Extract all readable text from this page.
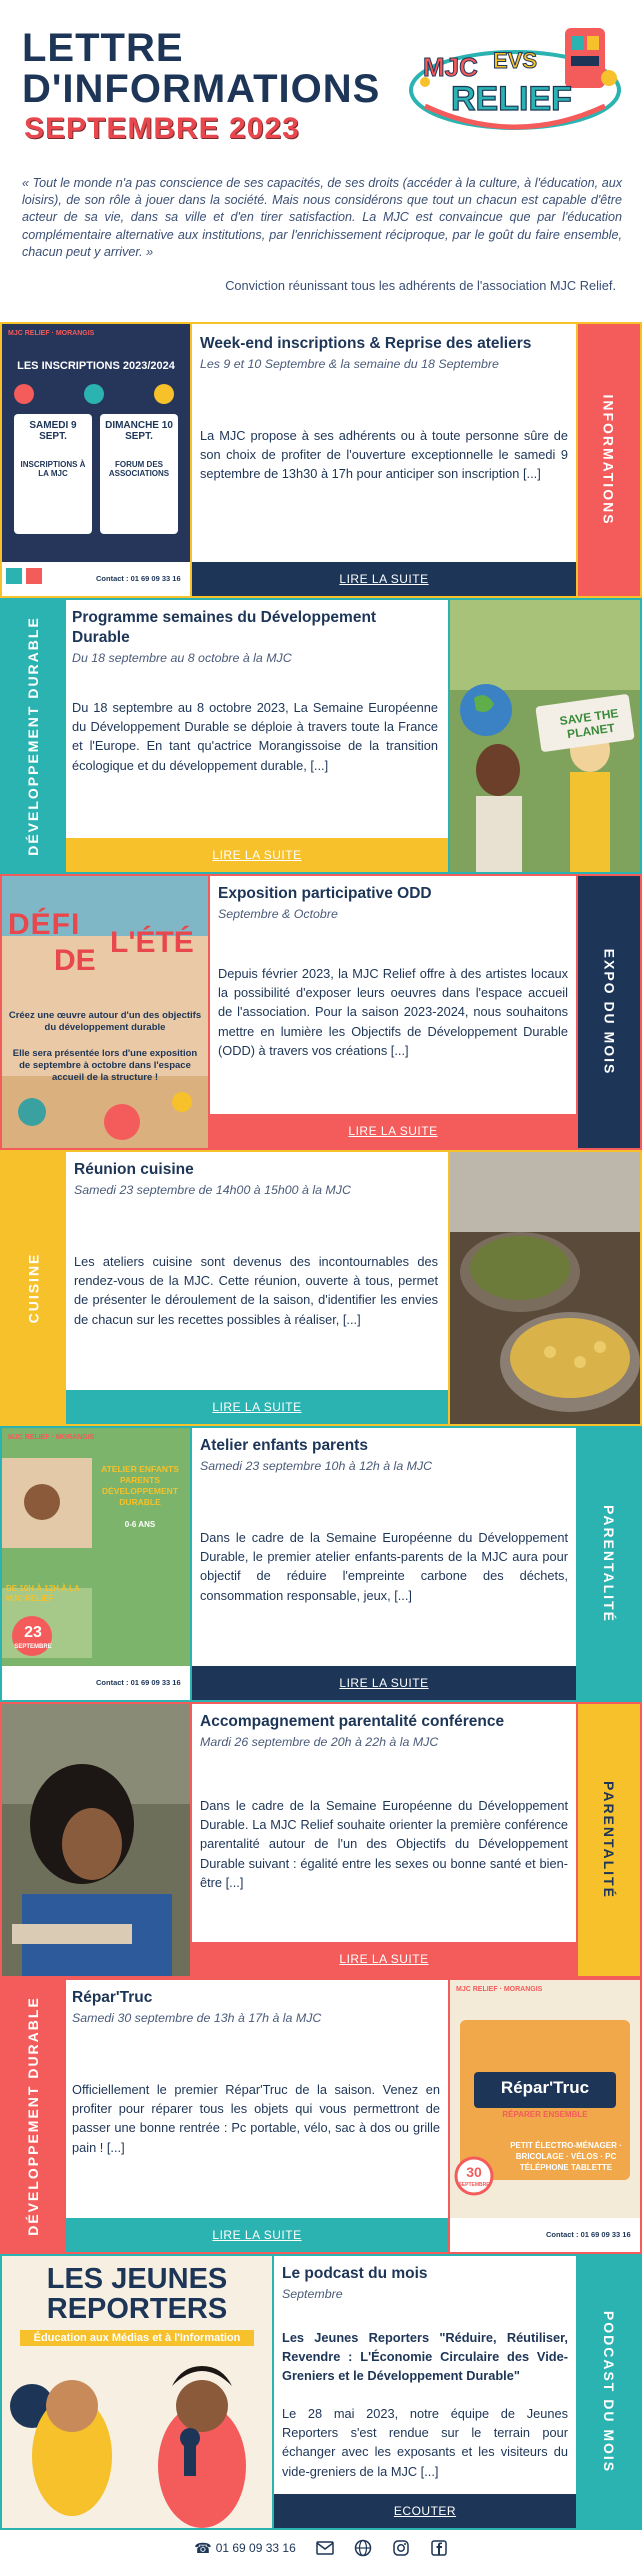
LETTRE
D'INFORMATIONS
SEPTEMBRE 2023
MJC EVS
RELIEF

« Tout le monde n'a pas conscience de ses capacités, de ses droits (accéder à la culture, à l'éducation, aux loisirs), de son rôle à jouer dans la société. Mais nous considérons que tout un chacun est capable d'être acteur de sa vie, dans sa ville et d'en tirer satisfaction. La MJC est convaincue que par l'éducation complémentaire alternative aux institutions, par l'enrichissement réciproque, par le goût du faire ensemble, chacun peut y arriver. »

Conviction réunissant tous les adhérents de l'association MJC Relief.

MJC RELIEF · MORANGIS
LES INSCRIPTIONS 2023/2024
SAMEDI 9 SEPT.
DIMANCHE 10 SEPT.
INSCRIPTIONS À LA MJC
FORUM DES ASSOCIATIONS
Contact : 01 69 09 33 16
Week-end inscriptions & Reprise des ateliers
Les 9 et 10 Septembre & la semaine du 18 Septembre
La MJC propose à ses adhérents ou à toute personne sûre de son choix de profiter de l'ouverture exceptionnelle le samedi 9 septembre de 13h30 à 17h pour anticiper son inscription [...]
LIRE LA SUITE
INFORMATIONS
DÉVELOPPEMENT DURABLE Programme semaines du Développement Durable
Du 18 septembre au 8 octobre à la MJC
Du 18 septembre au 8 octobre 2023, La Semaine Européenne du Développement Durable se déploie à travers toute la France et l'Europe. En tant qu'actrice Morangissoise de la transition écologique et du développement durable, [...]
LIRE LA SUITE
SAVE THE PLANET
DÉFI
DE
L'ÉTÉ
Créez une œuvre autour d'un des objectifs du développement durable
Elle sera présentée lors d'une exposition de septembre à octobre dans l'espace accueil de la structure !
Exposition participative ODD
Septembre & Octobre
Depuis février 2023, la MJC Relief offre à des artistes locaux la possibilité d'exposer leurs oeuvres dans l'espace accueil de l'association. Pour la saison 2023-2024, nous souhaitons mettre en lumière les Objectifs de Développement Durable (ODD) à travers vos créations [...]
LIRE LA SUITE
EXPO DU MOIS
CUISINE
Réunion cuisine
Samedi 23 septembre de 14h00 à 15h00 à la MJC
Les ateliers cuisine sont devenus des incontournables des rendez-vous de la MJC. Cette réunion, ouverte à tous, permet de présenter le déroulement de la saison, d'identifier les envies de chacun sur les recettes possibles à réaliser, [...]
LIRE LA SUITE
MJC RELIEF · MORANGIS
ATELIER ENFANTS PARENTS DÉVELOPPEMENT DURABLE
0-6 ANS
DE 10H À 12H À LA MJC RELIEF
23
SEPTEMBRE
Contact : 01 69 09 33 16
Atelier enfants parents
Samedi 23 septembre 10h à 12h à la MJC
Dans le cadre de la Semaine Européenne du Développement Durable, le premier atelier enfants-parents de la MJC aura pour objectif de réduire l'empreinte carbone des déchets, consommation responsable, jeux, [...]
LIRE LA SUITE
PARENTALITÉ
Accompagnement parentalité conférence
Mardi 26 septembre de 20h à 22h à la MJC
Dans le cadre de la Semaine Européenne du Développement Durable. La MJC Relief souhaite orienter la première conférence parentalité autour de l'un des Objectifs du Développement Durable suivant : égalité entre les sexes ou bonne santé et bien-être [...]
LIRE LA SUITE
PARENTALITÉ
DÉVELOPPEMENT DURABLE Répar'Truc
Samedi 30 septembre de 13h à 17h à la MJC
Officiellement le premier Répar'Truc de la saison. Venez en profiter pour réparer tous les objets qui vous permettront de passer une bonne rentrée : Pc portable, vélo, sac à dos ou grille pain ! [...]
LIRE LA SUITE
MJC RELIEF · MORANGIS
Répar'Truc
RÉPARER ENSEMBLE
30
SEPTEMBRE
PETIT ÉLECTRO-MÉNAGER · BRICOLAGE · VÉLOS · PC TÉLÉPHONE TABLETTE
Contact : 01 69 09 33 16
LES JEUNES
REPORTERS
Éducation aux Médias et à l'Information
Le podcast du mois
Septembre
Les Jeunes Reporters "Réduire, Réutiliser, Revendre : L'Économie Circulaire des Vide-Greniers et le Développement Durable"
Le 28 mai 2023, notre équipe de Jeunes Reporters s'est rendue sur le terrain pour échanger avec les exposants et les visiteurs du vide-greniers de la MJC [...]
ECOUTER
PODCAST DU MOIS
☎ 01 69 09 33 16
